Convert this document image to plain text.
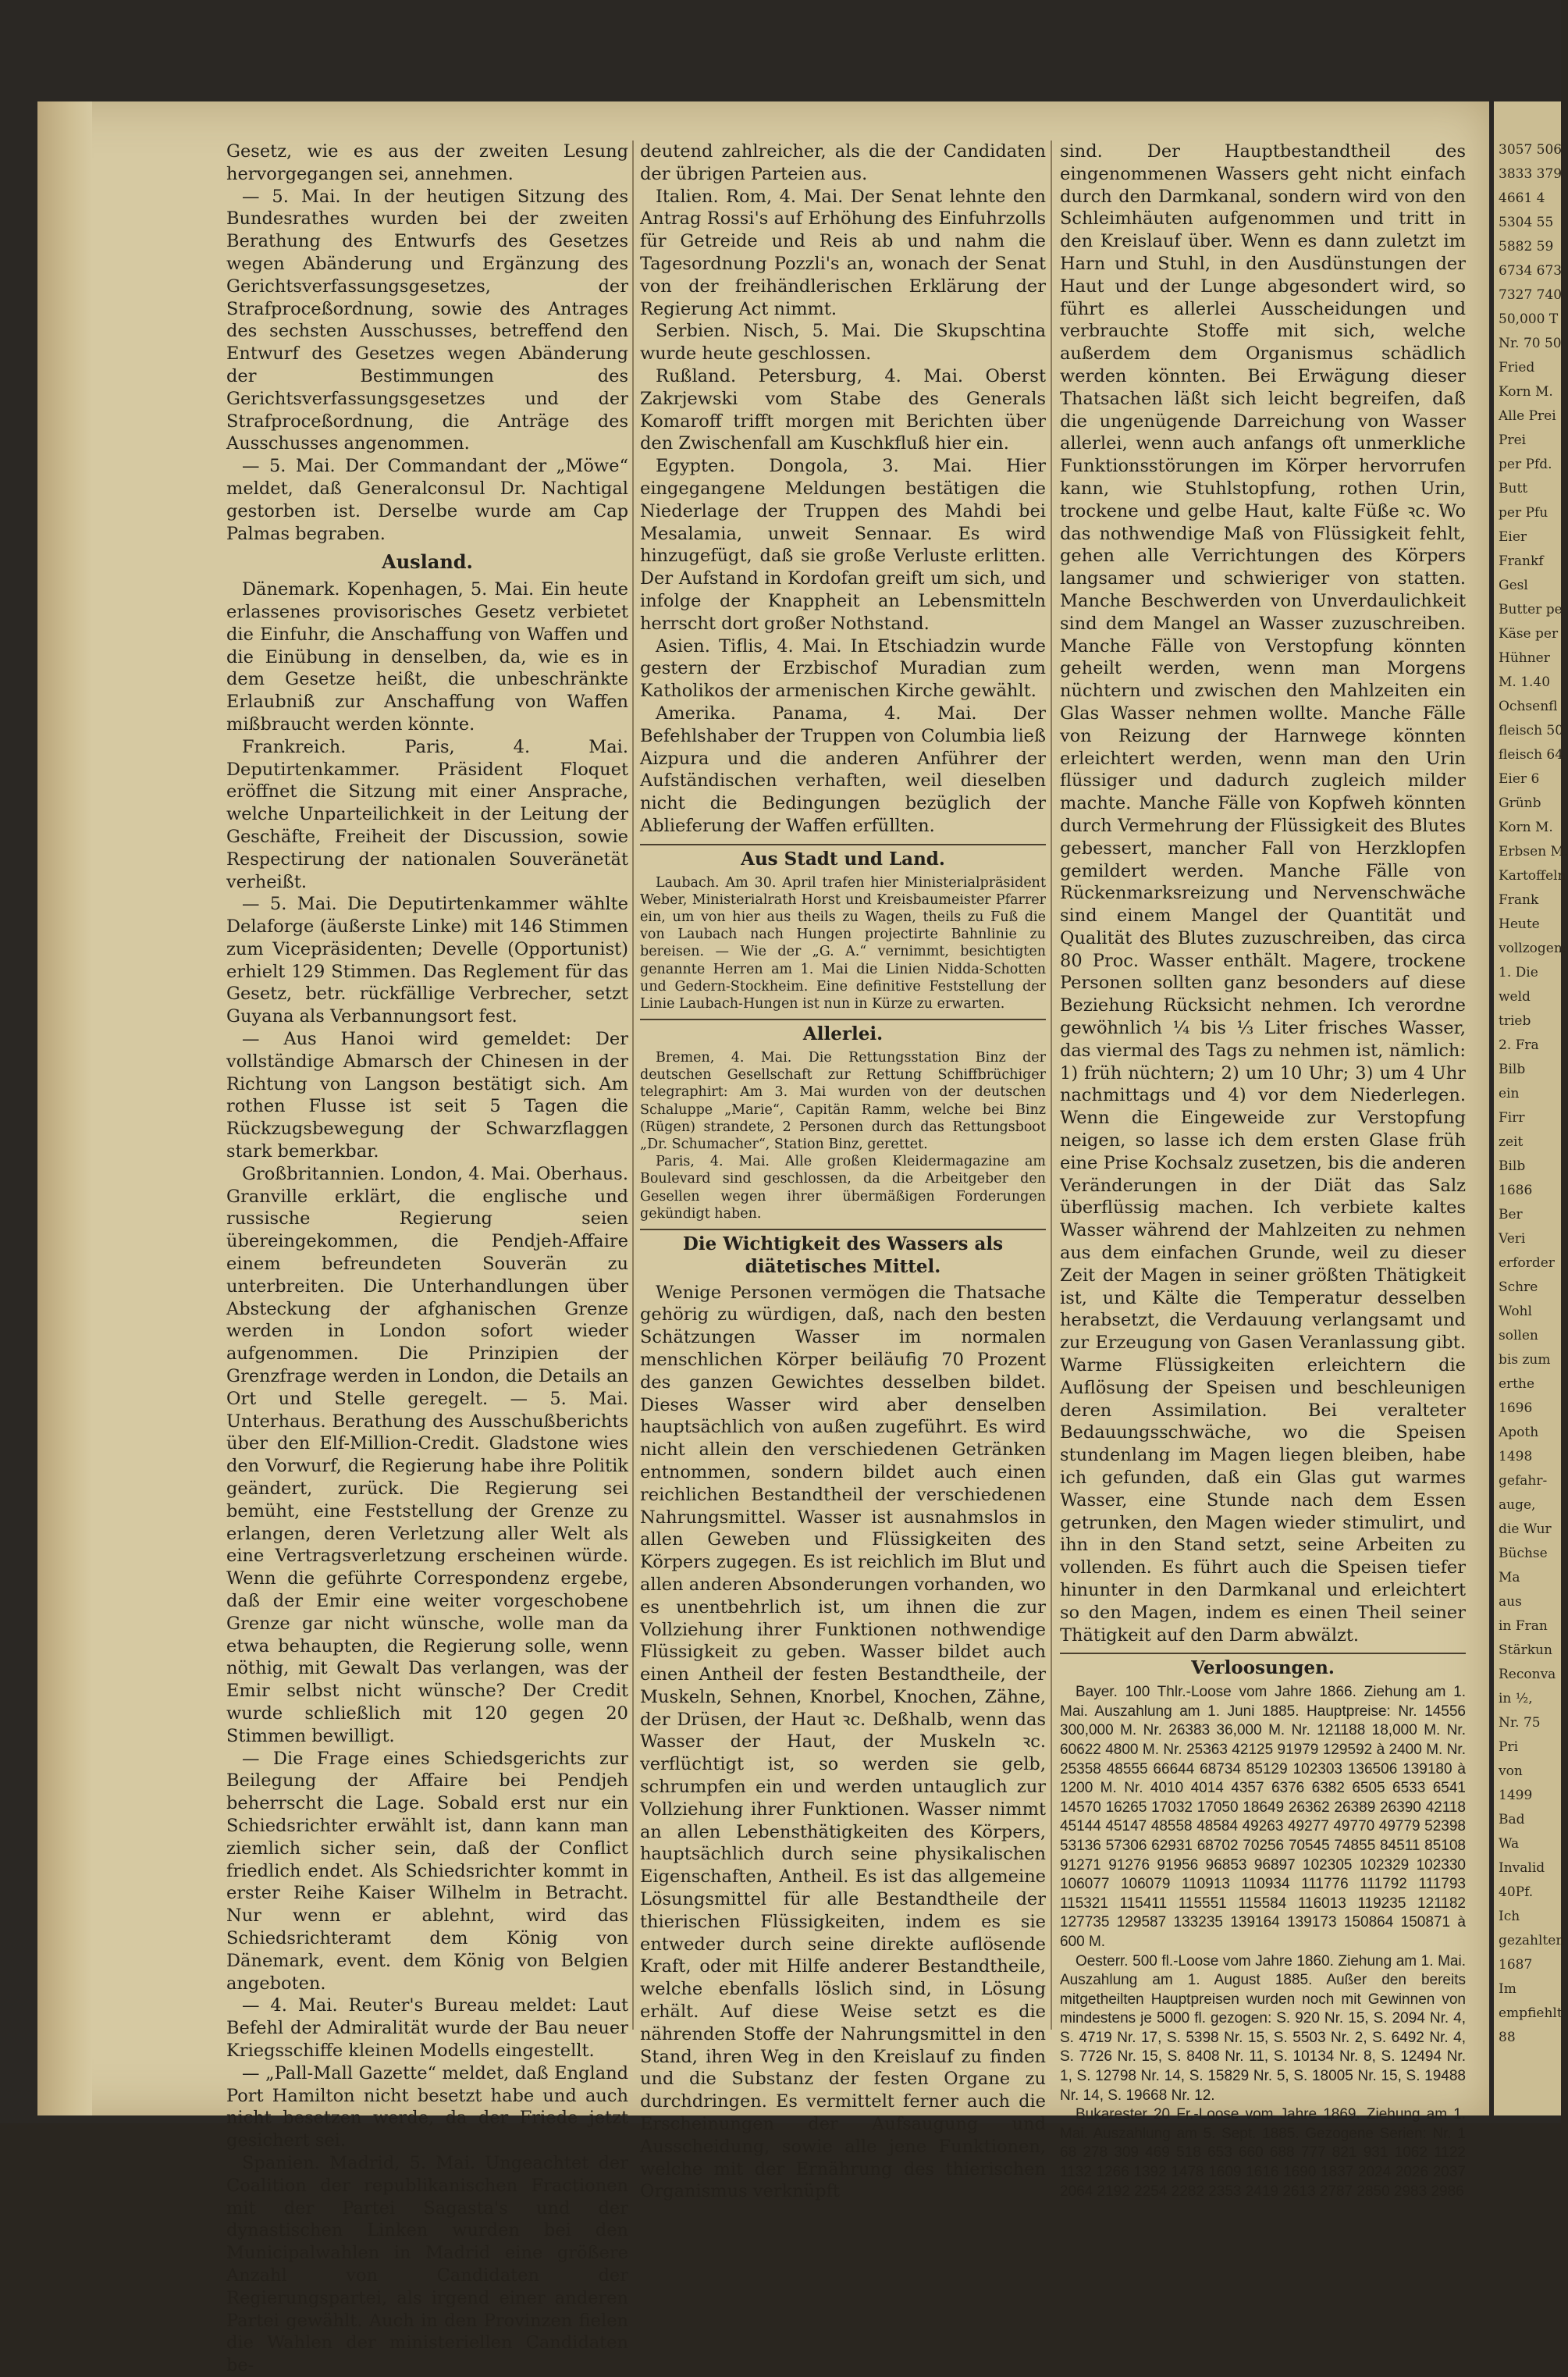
3057 506
3833 379
4661 4
5304 55
5882 59
6734 673
7327 740
50,000 T
Nr. 70 50
Fried
Korn M.
Alle Prei
Prei
per Pfd.
Butt
per Pfu
Eier
Frankf
Gesl
Butter pe
Käse per
Hühner
M. 1.40
Ochsenfl
fleisch 50
fleisch 64
Eier 6
Grünb
Korn M.
Erbsen M.
Kartoffeln
Frank
Heute
vollzogen:
1. Die
weld
trieb
2. Fra
Bilb
ein
Firr
zeit
Bilb
1686
Ber
Veri
erforder
Schre
Wohl
sollen
bis zum
erthe
1696
Apoth
1498
gefahr-
auge,
die Wur
Büchse
Ma
aus
in Fran
Stärkun
Reconva
in ½,
Nr. 75
Pri
von
1499
Bad
Wa
Invalid
40Pf.
Ich
gezahlten
1687
Im
empfiehlt
88

Gesetz, wie es aus der zweiten Lesung hervorgegangen sei, annehmen.

— 5. Mai. In der heutigen Sitzung des Bundesrathes wurden bei der zweiten Berathung des Entwurfs des Gesetzes wegen Abänderung und Ergänzung des Gerichtsverfassungsgesetzes, der Strafproceßordnung, sowie des Antrages des sechsten Ausschusses, betreffend den Entwurf des Gesetzes wegen Abänderung der Bestimmungen des Gerichtsverfassungsgesetzes und der Strafproceßordnung, die Anträge des Ausschusses angenommen.

— 5. Mai. Der Commandant der „Möwe“ meldet, daß Generalconsul Dr. Nachtigal gestorben ist. Derselbe wurde am Cap Palmas begraben.

Ausland.

Dänemark. Kopenhagen, 5. Mai. Ein heute erlassenes provisorisches Gesetz verbietet die Einfuhr, die Anschaffung von Waffen und die Einübung in denselben, da, wie es in dem Gesetze heißt, die unbeschränkte Erlaubniß zur Anschaffung von Waffen mißbraucht werden könnte.

Frankreich. Paris, 4. Mai. Deputirtenkammer. Präsident Floquet eröffnet die Sitzung mit einer Ansprache, welche Unparteilichkeit in der Leitung der Geschäfte, Freiheit der Discussion, sowie Respectirung der nationalen Souveränetät verheißt.

— 5. Mai. Die Deputirtenkammer wählte Delaforge (äußerste Linke) mit 146 Stimmen zum Vicepräsidenten; Develle (Opportunist) erhielt 129 Stimmen. Das Reglement für das Gesetz, betr. rückfällige Verbrecher, setzt Guyana als Verbannungsort fest.

— Aus Hanoi wird gemeldet: Der vollständige Abmarsch der Chinesen in der Richtung von Langson bestätigt sich. Am rothen Flusse ist seit 5 Tagen die Rückzugsbewegung der Schwarzflaggen stark bemerkbar.

Großbritannien. London, 4. Mai. Oberhaus. Granville erklärt, die englische und russische Regierung seien übereingekommen, die Pendjeh-Affaire einem befreundeten Souverän zu unterbreiten. Die Unterhandlungen über Absteckung der afghanischen Grenze werden in London sofort wieder aufgenommen. Die Prinzipien der Grenzfrage werden in London, die Details an Ort und Stelle geregelt. — 5. Mai. Unterhaus. Berathung des Ausschußberichts über den Elf-Million-Credit. Gladstone wies den Vorwurf, die Regierung habe ihre Politik geändert, zurück. Die Regierung sei bemüht, eine Feststellung der Grenze zu erlangen, deren Verletzung aller Welt als eine Vertragsverletzung erscheinen würde. Wenn die geführte Correspondenz ergebe, daß der Emir eine weiter vorgeschobene Grenze gar nicht wünsche, wolle man da etwa behaupten, die Regierung solle, wenn nöthig, mit Gewalt Das verlangen, was der Emir selbst nicht wünsche? Der Credit wurde schließlich mit 120 gegen 20 Stimmen bewilligt.

— Die Frage eines Schiedsgerichts zur Beilegung der Affaire bei Pendjeh beherrscht die Lage. Sobald erst nur ein Schiedsrichter erwählt ist, dann kann man ziemlich sicher sein, daß der Conflict friedlich endet. Als Schiedsrichter kommt in erster Reihe Kaiser Wilhelm in Betracht. Nur wenn er ablehnt, wird das Schiedsrichteramt dem König von Dänemark, event. dem König von Belgien angeboten.

— 4. Mai. Reuter's Bureau meldet: Laut Befehl der Admiralität wurde der Bau neuer Kriegsschiffe kleinen Modells eingestellt.

— „Pall-Mall Gazette“ meldet, daß England Port Hamilton nicht besetzt habe und auch nicht besetzen werde, da der Friede jetzt gesichert sei.

Spanien. Madrid, 5. Mai. Ungeachtet der Coalition der republikanischen Fractionen mit der Partei Sagasta's und der dynastischen Linken wurden bei den Municipalwahlen in Madrid eine größere Anzahl von Candidaten der Regierungspartei, als irgend einer anderen Partei gewählt. Auch in den Provinzen fielen die Wahlen der ministeriellen Candidaten be-

deutend zahlreicher, als die der Candidaten der übrigen Parteien aus.

Italien. Rom, 4. Mai. Der Senat lehnte den Antrag Rossi's auf Erhöhung des Einfuhrzolls für Getreide und Reis ab und nahm die Tagesordnung Pozzli's an, wonach der Senat von der freihändlerischen Erklärung der Regierung Act nimmt.

Serbien. Nisch, 5. Mai. Die Skupschtina wurde heute geschlossen.

Rußland. Petersburg, 4. Mai. Oberst Zakrjewski vom Stabe des Generals Komaroff trifft morgen mit Berichten über den Zwischenfall am Kuschkfluß hier ein.

Egypten. Dongola, 3. Mai. Hier eingegangene Meldungen bestätigen die Niederlage der Truppen des Mahdi bei Mesalamia, unweit Sennaar. Es wird hinzugefügt, daß sie große Verluste erlitten. Der Aufstand in Kordofan greift um sich, und infolge der Knappheit an Lebensmitteln herrscht dort großer Nothstand.

Asien. Tiflis, 4. Mai. In Etschiadzin wurde gestern der Erzbischof Muradian zum Katholikos der armenischen Kirche gewählt.

Amerika. Panama, 4. Mai. Der Befehlshaber der Truppen von Columbia ließ Aizpura und die anderen Anführer der Aufständischen verhaften, weil dieselben nicht die Bedingungen bezüglich der Ablieferung der Waffen erfüllten.

Aus Stadt und Land.

Laubach. Am 30. April trafen hier Ministerialpräsident Weber, Ministerialrath Horst und Kreisbaumeister Pfarrer ein, um von hier aus theils zu Wagen, theils zu Fuß die von Laubach nach Hungen projectirte Bahnlinie zu bereisen. — Wie der „G. A.“ vernimmt, besichtigten genannte Herren am 1. Mai die Linien Nidda-Schotten und Gedern-Stockheim. Eine definitive Feststellung der Linie Laubach-Hungen ist nun in Kürze zu erwarten.

Allerlei.

Bremen, 4. Mai. Die Rettungsstation Binz der deutschen Gesellschaft zur Rettung Schiffbrüchiger telegraphirt: Am 3. Mai wurden von der deutschen Schaluppe „Marie“, Capitän Ramm, welche bei Binz (Rügen) strandete, 2 Personen durch das Rettungsboot „Dr. Schumacher“, Station Binz, gerettet.

Paris, 4. Mai. Alle großen Kleidermagazine am Boulevard sind geschlossen, da die Arbeitgeber den Gesellen wegen ihrer übermäßigen Forderungen gekündigt haben.

Die Wichtigkeit des Wassers als diätetisches Mittel.

Wenige Personen vermögen die Thatsache gehörig zu würdigen, daß, nach den besten Schätzungen Wasser im normalen menschlichen Körper beiläufig 70 Prozent des ganzen Gewichtes desselben bildet. Dieses Wasser wird aber denselben hauptsächlich von außen zugeführt. Es wird nicht allein den verschiedenen Getränken entnommen, sondern bildet auch einen reichlichen Bestandtheil der verschiedenen Nahrungsmittel. Wasser ist ausnahmslos in allen Geweben und Flüssigkeiten des Körpers zugegen. Es ist reichlich im Blut und allen anderen Absonderungen vorhanden, wo es unentbehrlich ist, um ihnen die zur Vollziehung ihrer Funktionen nothwendige Flüssigkeit zu geben. Wasser bildet auch einen Antheil der festen Bestandtheile, der Muskeln, Sehnen, Knorbel, Knochen, Zähne, der Drüsen, der Haut ꝛc. Deßhalb, wenn das Wasser der Haut, der Muskeln ꝛc. verflüchtigt ist, so werden sie gelb, schrumpfen ein und werden untauglich zur Vollziehung ihrer Funktionen. Wasser nimmt an allen Lebensthätigkeiten des Körpers, hauptsächlich durch seine physikalischen Eigenschaften, Antheil. Es ist das allgemeine Lösungsmittel für alle Bestandtheile der thierischen Flüssigkeiten, indem es sie entweder durch seine direkte auflösende Kraft, oder mit Hilfe anderer Bestandtheile, welche ebenfalls löslich sind, in Lösung erhält. Auf diese Weise setzt es die nährenden Stoffe der Nahrungsmittel in den Stand, ihren Weg in den Kreislauf zu finden und die Substanz der festen Organe zu durchdringen. Es vermittelt ferner auch die Erscheinungen der Aufsaugung und Ausscheidung, sowie alle jene Funktionen, welche mit der Ernährung des thierischen Organismus verknüpft

sind. Der Hauptbestandtheil des eingenommenen Wassers geht nicht einfach durch den Darmkanal, sondern wird von den Schleimhäuten aufgenommen und tritt in den Kreislauf über. Wenn es dann zuletzt im Harn und Stuhl, in den Ausdünstungen der Haut und der Lunge abgesondert wird, so führt es allerlei Ausscheidungen und verbrauchte Stoffe mit sich, welche außerdem dem Organismus schädlich werden könnten. Bei Erwägung dieser Thatsachen läßt sich leicht begreifen, daß die ungenügende Darreichung von Wasser allerlei, wenn auch anfangs oft unmerkliche Funktionsstörungen im Körper hervorrufen kann, wie Stuhlstopfung, rothen Urin, trockene und gelbe Haut, kalte Füße ꝛc. Wo das nothwendige Maß von Flüssigkeit fehlt, gehen alle Verrichtungen des Körpers langsamer und schwieriger von statten. Manche Beschwerden von Unverdaulichkeit sind dem Mangel an Wasser zuzuschreiben. Manche Fälle von Verstopfung könnten geheilt werden, wenn man Morgens nüchtern und zwischen den Mahlzeiten ein Glas Wasser nehmen wollte. Manche Fälle von Reizung der Harnwege könnten erleichtert werden, wenn man den Urin flüssiger und dadurch zugleich milder machte. Manche Fälle von Kopfweh könnten durch Vermehrung der Flüssigkeit des Blutes gebessert, mancher Fall von Herzklopfen gemildert werden. Manche Fälle von Rückenmarksreizung und Nervenschwäche sind einem Mangel der Quantität und Qualität des Blutes zuzuschreiben, das circa 80 Proc. Wasser enthält. Magere, trockene Personen sollten ganz besonders auf diese Beziehung Rücksicht nehmen. Ich verordne gewöhnlich ¼ bis ⅓ Liter frisches Wasser, das viermal des Tags zu nehmen ist, nämlich: 1) früh nüchtern; 2) um 10 Uhr; 3) um 4 Uhr nachmittags und 4) vor dem Niederlegen. Wenn die Eingeweide zur Verstopfung neigen, so lasse ich dem ersten Glase früh eine Prise Kochsalz zusetzen, bis die anderen Veränderungen in der Diät das Salz überflüssig machen. Ich verbiete kaltes Wasser während der Mahlzeiten zu nehmen aus dem einfachen Grunde, weil zu dieser Zeit der Magen in seiner größten Thätigkeit ist, und Kälte die Temperatur desselben herabsetzt, die Verdauung verlangsamt und zur Erzeugung von Gasen Veranlassung gibt. Warme Flüssigkeiten erleichtern die Auflösung der Speisen und beschleunigen deren Assimilation. Bei veralteter Bedauungsschwäche, wo die Speisen stundenlang im Magen liegen bleiben, habe ich gefunden, daß ein Glas gut warmes Wasser, eine Stunde nach dem Essen getrunken, den Magen wieder stimulirt, und ihn in den Stand setzt, seine Arbeiten zu vollenden. Es führt auch die Speisen tiefer hinunter in den Darmkanal und erleichtert so den Magen, indem es einen Theil seiner Thätigkeit auf den Darm abwälzt.

Verloosungen.

Bayer. 100 Thlr.-Loose vom Jahre 1866. Ziehung am 1. Mai. Auszahlung am 1. Juni 1885. Hauptpreise: Nr. 14556 300,000 M. Nr. 26383 36,000 M. Nr. 121188 18,000 M. Nr. 60622 4800 M. Nr. 25363 42125 91979 129592 à 2400 M. Nr. 25358 48555 66644 68734 85129 102303 136506 139180 à 1200 M. Nr. 4010 4014 4357 6376 6382 6505 6533 6541 14570 16265 17032 17050 18649 26362 26389 26390 42118 45144 45147 48558 48584 49263 49277 49770 49779 52398 53136 57306 62931 68702 70256 70545 74855 84511 85108 91271 91276 91956 96853 96897 102305 102329 102330 106077 106079 110913 110934 111776 111792 111793 115321 115411 115551 115584 116013 119235 121182 127735 129587 133235 139164 139173 150864 150871 à 600 M.

Oesterr. 500 fl.-Loose vom Jahre 1860. Ziehung am 1. Mai. Auszahlung am 1. August 1885. Außer den bereits mitgetheilten Hauptpreisen wurden noch mit Gewinnen von mindestens je 5000 fl. gezogen: S. 920 Nr. 15, S. 2094 Nr. 4, S. 4719 Nr. 17, S. 5398 Nr. 15, S. 5503 Nr. 2, S. 6492 Nr. 4, S. 7726 Nr. 15, S. 8408 Nr. 11, S. 10134 Nr. 8, S. 12494 Nr. 1, S. 12798 Nr. 14, S. 15829 Nr. 5, S. 18005 Nr. 15, S. 19488 Nr. 14, S. 19668 Nr. 12.

Bukarester 20 Fr.-Loose vom Jahre 1869. Ziehung am 1. Mai. Auszahlung am 5. Sept. 1885. Gezogene Serien: Nr. 1 68 278 309 469 518 653 660 688 777 821 931 1062 1122 1132 1266 1392 1478 1609 1616 1690 1837 2024 2026 2037 2064 2192 2254 2282 2353 2419 2613 2787 2850 2983 2986
